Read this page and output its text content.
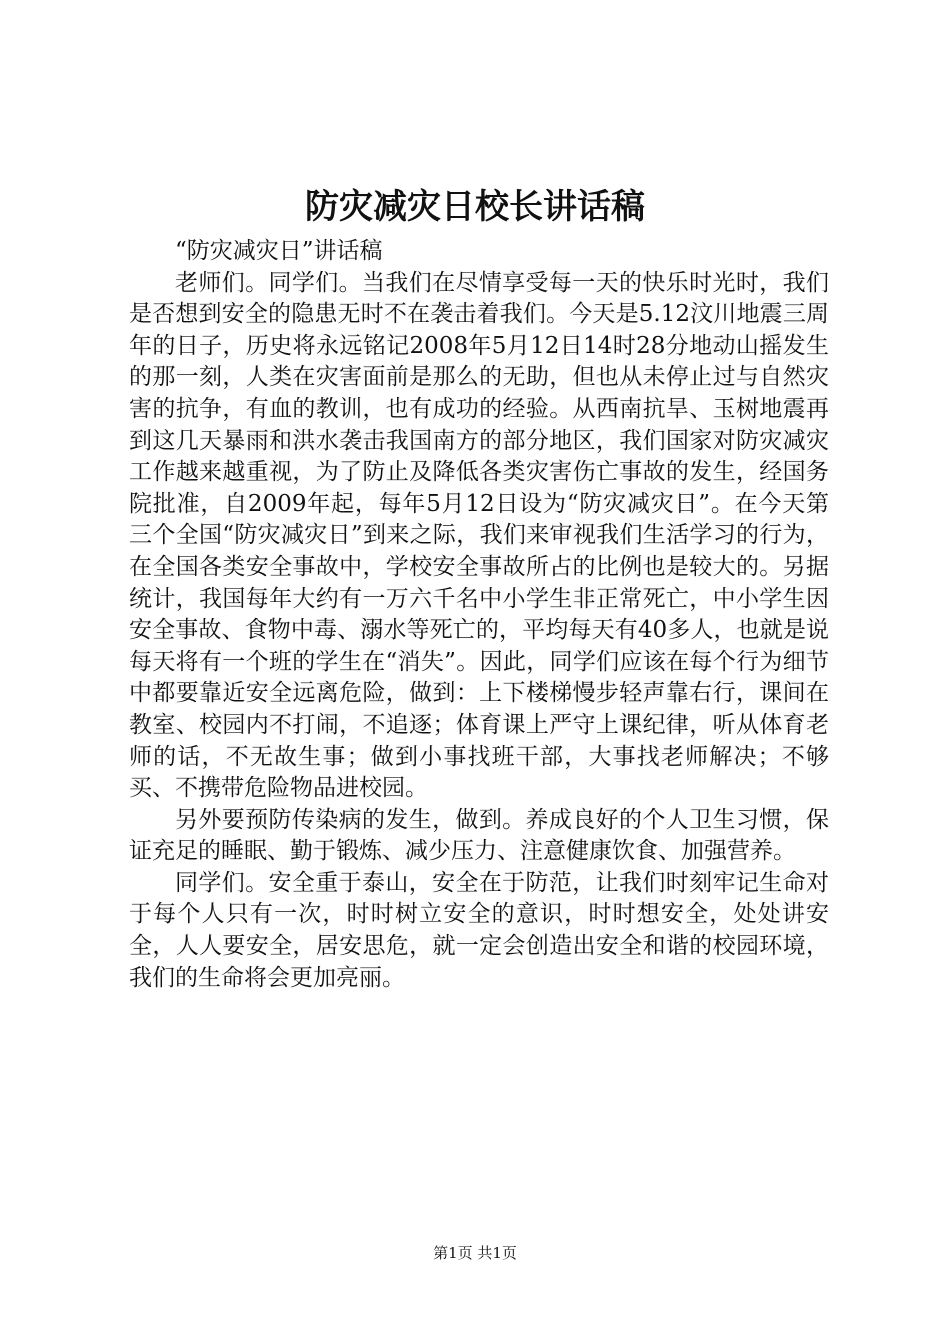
防灾减灾日校长讲话稿

“防灾减灾日”讲话稿

老师们。同学们。当我们在尽情享受每一天的快乐时光时，我们是否想到安全的隐患无时不在袭击着我们。今天是5.12汶川地震三周年的日子，历史将永远铭记2008年5月12日14时28分地动山摇发生的那一刻，人类在灾害面前是那么的无助，但也从未停止过与自然灾害的抗争，有血的教训，也有成功的经验。从西南抗旱、玉树地震再到这几天暴雨和洪水袭击我国南方的部分地区，我们国家对防灾减灾工作越来越重视，为了防止及降低各类灾害伤亡事故的发生，经国务院批准，自2009年起，每年5月12日设为“防灾减灾日”。在今天第三个全国“防灾减灾日”到来之际，我们来审视我们生活学习的行为，在全国各类安全事故中，学校安全事故所占的比例也是较大的。另据统计，我国每年大约有一万六千名中小学生非正常死亡，中小学生因安全事故、食物中毒、溺水等死亡的，平均每天有40多人，也就是说每天将有一个班的学生在“消失”。因此，同学们应该在每个行为细节中都要靠近安全远离危险，做到：上下楼梯慢步轻声靠右行，课间在教室、校园内不打闹，不追逐；体育课上严守上课纪律，听从体育老师的话，不无故生事；做到小事找班干部，大事找老师解决；不够买、不携带危险物品进校园。

另外要预防传染病的发生，做到。养成良好的个人卫生习惯，保证充足的睡眠、勤于锻炼、减少压力、注意健康饮食、加强营养。

同学们。安全重于泰山，安全在于防范，让我们时刻牢记生命对于每个人只有一次，时时树立安全的意识，时时想安全，处处讲安全，人人要安全，居安思危，就一定会创造出安全和谐的校园环境，我们的生命将会更加亮丽。

第1页 共1页
